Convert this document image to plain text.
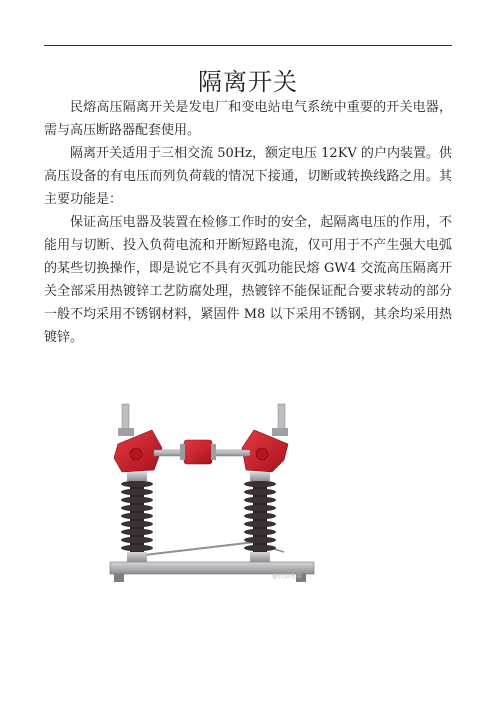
隔离开关

民熔高压隔离开关是发电厂和变电站电气系统中重要的开关电器，需与高压断路器配套使用。

隔离开关适用于三相交流 50Hz，额定电压 12KV 的户内装置。供高压设备的有电压而列负荷载的情况下接通，切断或转换线路之用。其主要功能是：

保证高压电器及装置在检修工作时的安全，起隔离电压的作用，不能用与切断、投入负荷电流和开断短路电流，仅可用于不产生强大电弧的某些切换操作，即是说它不具有灭弧功能民熔 GW4 交流高压隔离开关全部采用热镀锌工艺防腐处理，热镀锌不能保证配合要求转动的部分一般不均采用不锈钢材料，紧固件 M8 以下采用不锈钢，其余均采用热镀锌。

@民熔电器
